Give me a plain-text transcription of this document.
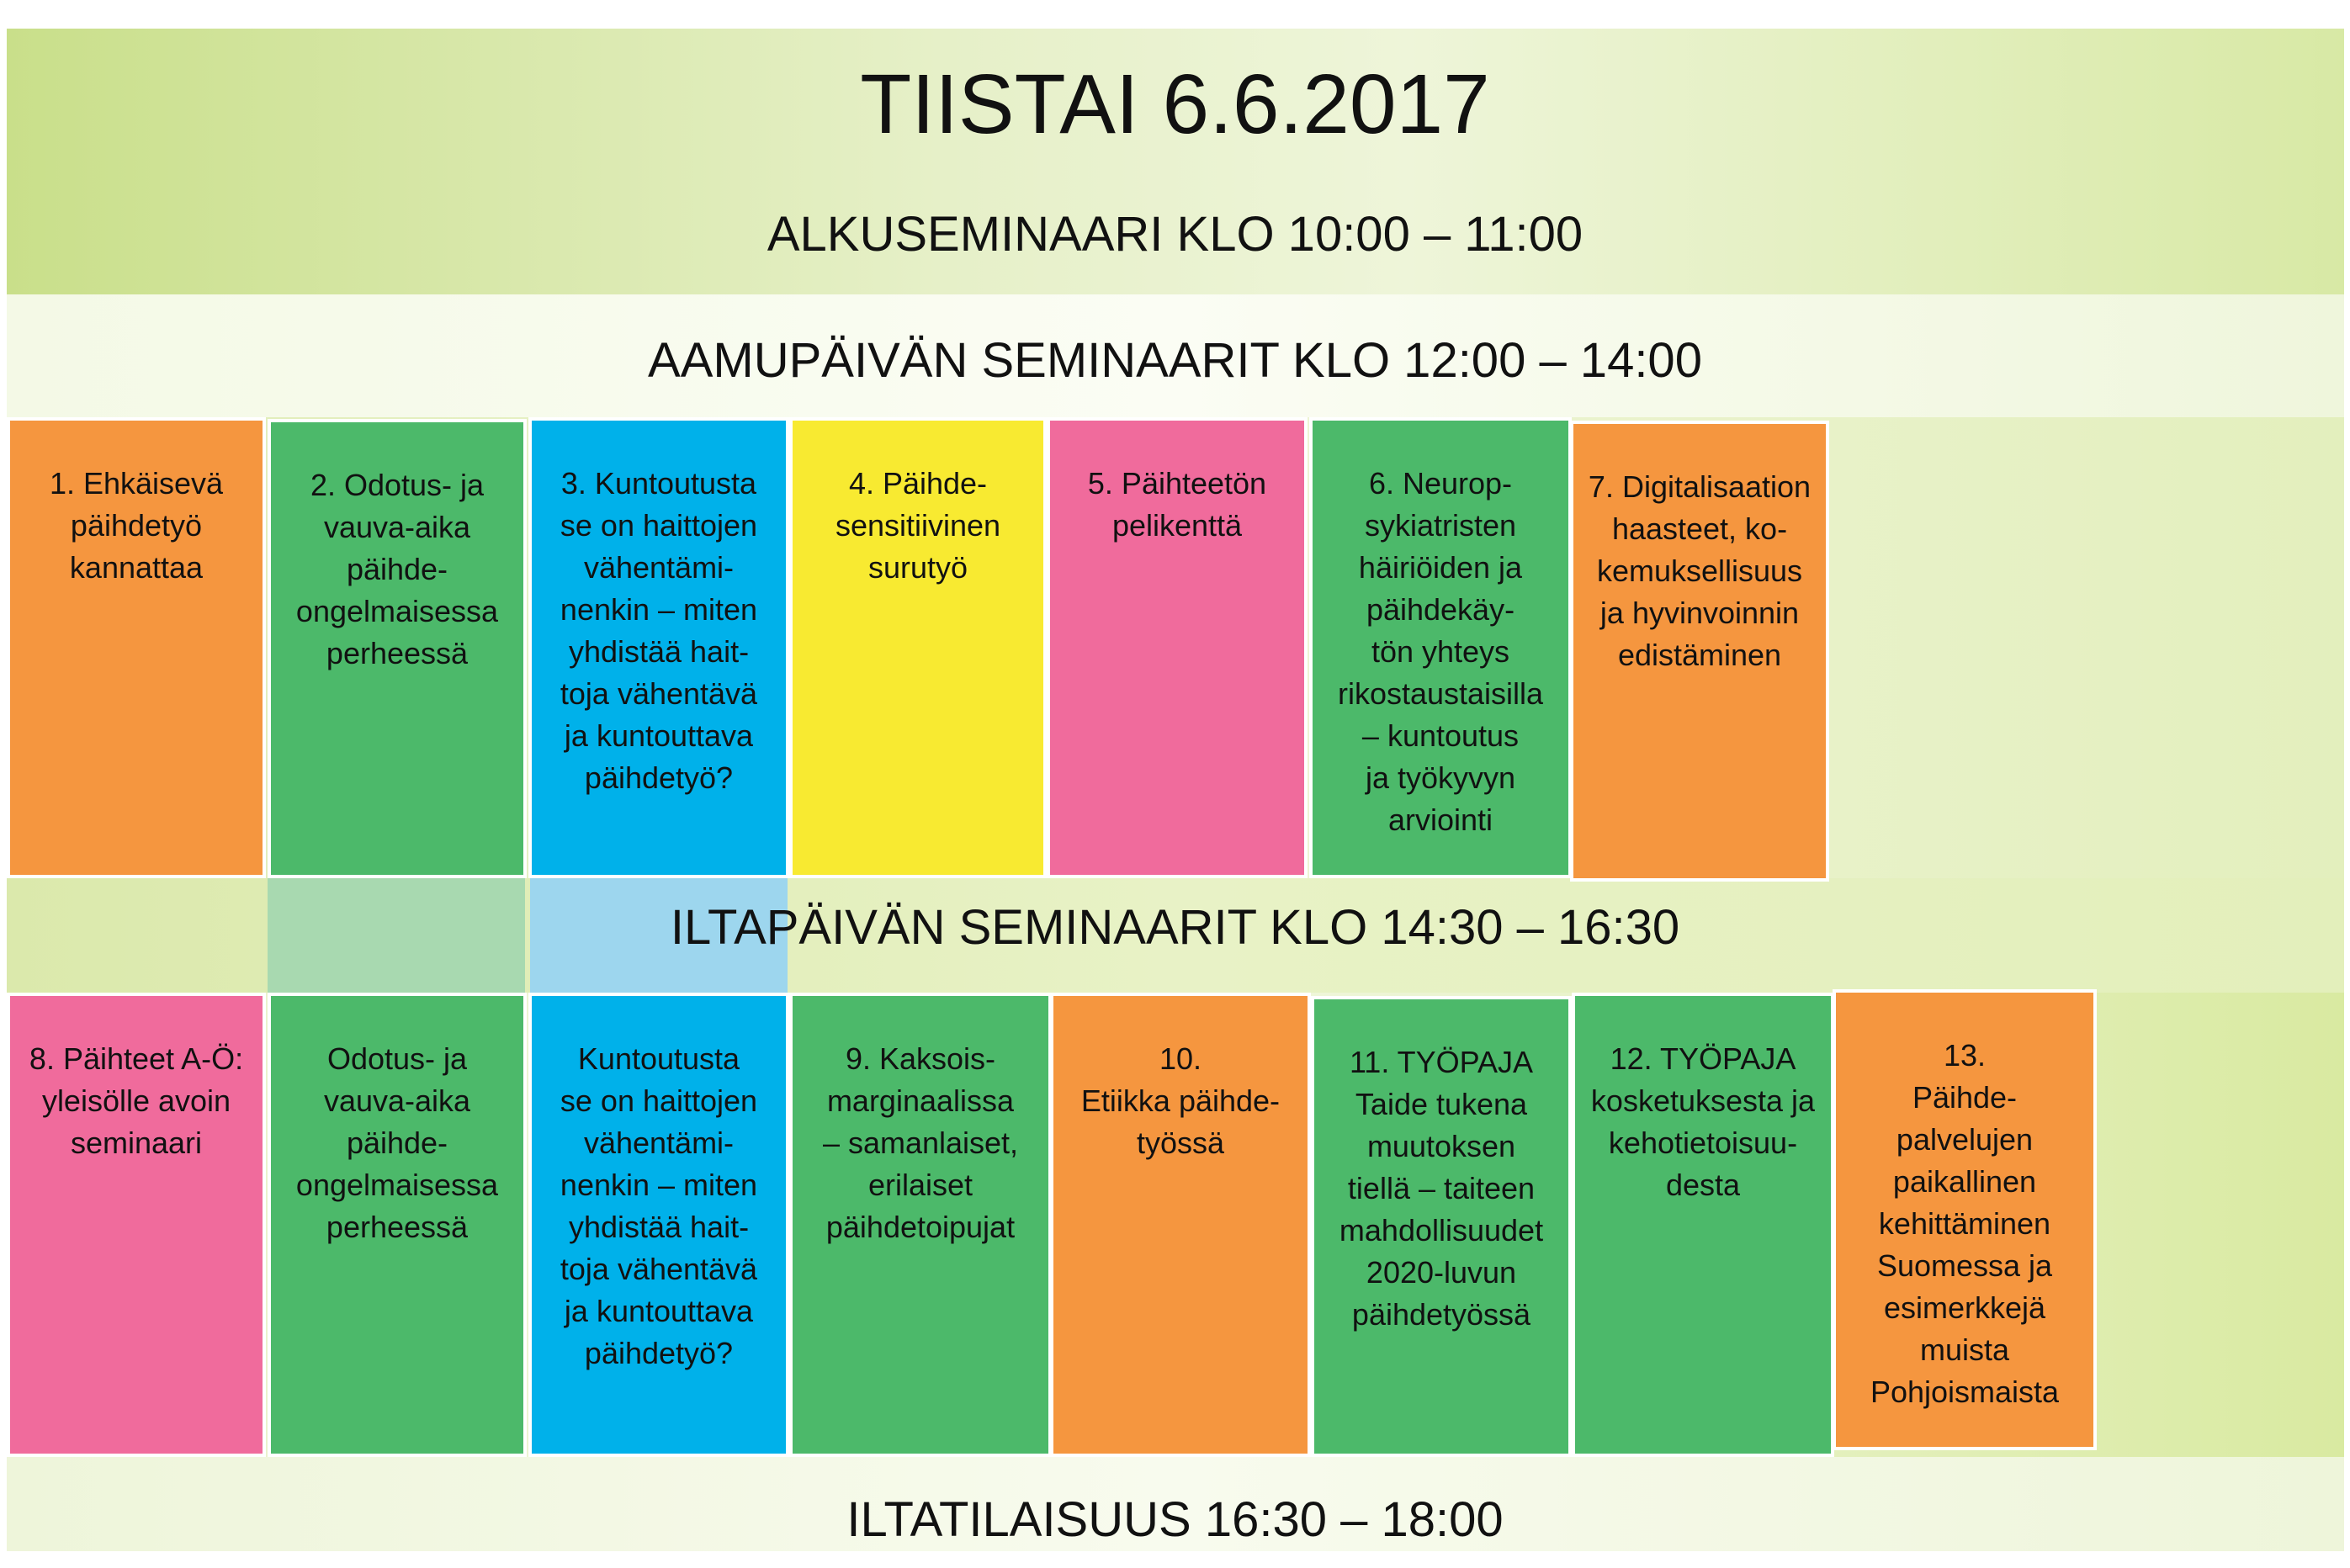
TIISTAI 6.6.2017
ALKUSEMINAARI KLO 10:00 – 11:00
AAMUPÄIVÄN SEMINAARIT KLO 12:00 – 14:00
1. Ehkäisevä
päihdetyö
kannattaa
2. Odotus- ja
vauva-aika
päihde-
ongelmaisessa
perheessä
3. Kuntoutusta
se on haittojen
vähentämi-
nenkin – miten
yhdistää hait-
toja vähentävä
ja kuntouttava
päihdetyö?
4. Päihde-
sensitiivinen
surutyö
5. Päihteetön
pelikenttä
6. Neurop-
sykiatristen
häiriöiden ja
päihdekäy-
tön yhteys
rikostaustaisilla
– kuntoutus
ja työkyvyn
arviointi
7. Digitalisaation
haasteet, ko-
kemuksellisuus
ja hyvinvoinnin
edistäminen
ILTAPÄIVÄN SEMINAARIT KLO 14:30 – 16:30
8. Päihteet A-Ö:
yleisölle avoin
seminaari
Odotus- ja
vauva-aika
päihde-
ongelmaisessa
perheessä
Kuntoutusta
se on haittojen
vähentämi-
nenkin – miten
yhdistää hait-
toja vähentävä
ja kuntouttava
päihdetyö?
9. Kaksois-
marginaalissa
– samanlaiset,
erilaiset
päihdetoipujat
10.
Etiikka päihde-
työssä
11. TYÖPAJA
Taide tukena
muutoksen
tiellä – taiteen
mahdollisuudet
2020-luvun
päihdetyössä
12. TYÖPAJA
kosketuksesta ja
kehotietoisuu-
desta
13.
Päihde-
palvelujen
paikallinen
kehittäminen
Suomessa ja
esimerkkejä
muista
Pohjoismaista
ILTATILAISUUS 16:30 – 18:00
